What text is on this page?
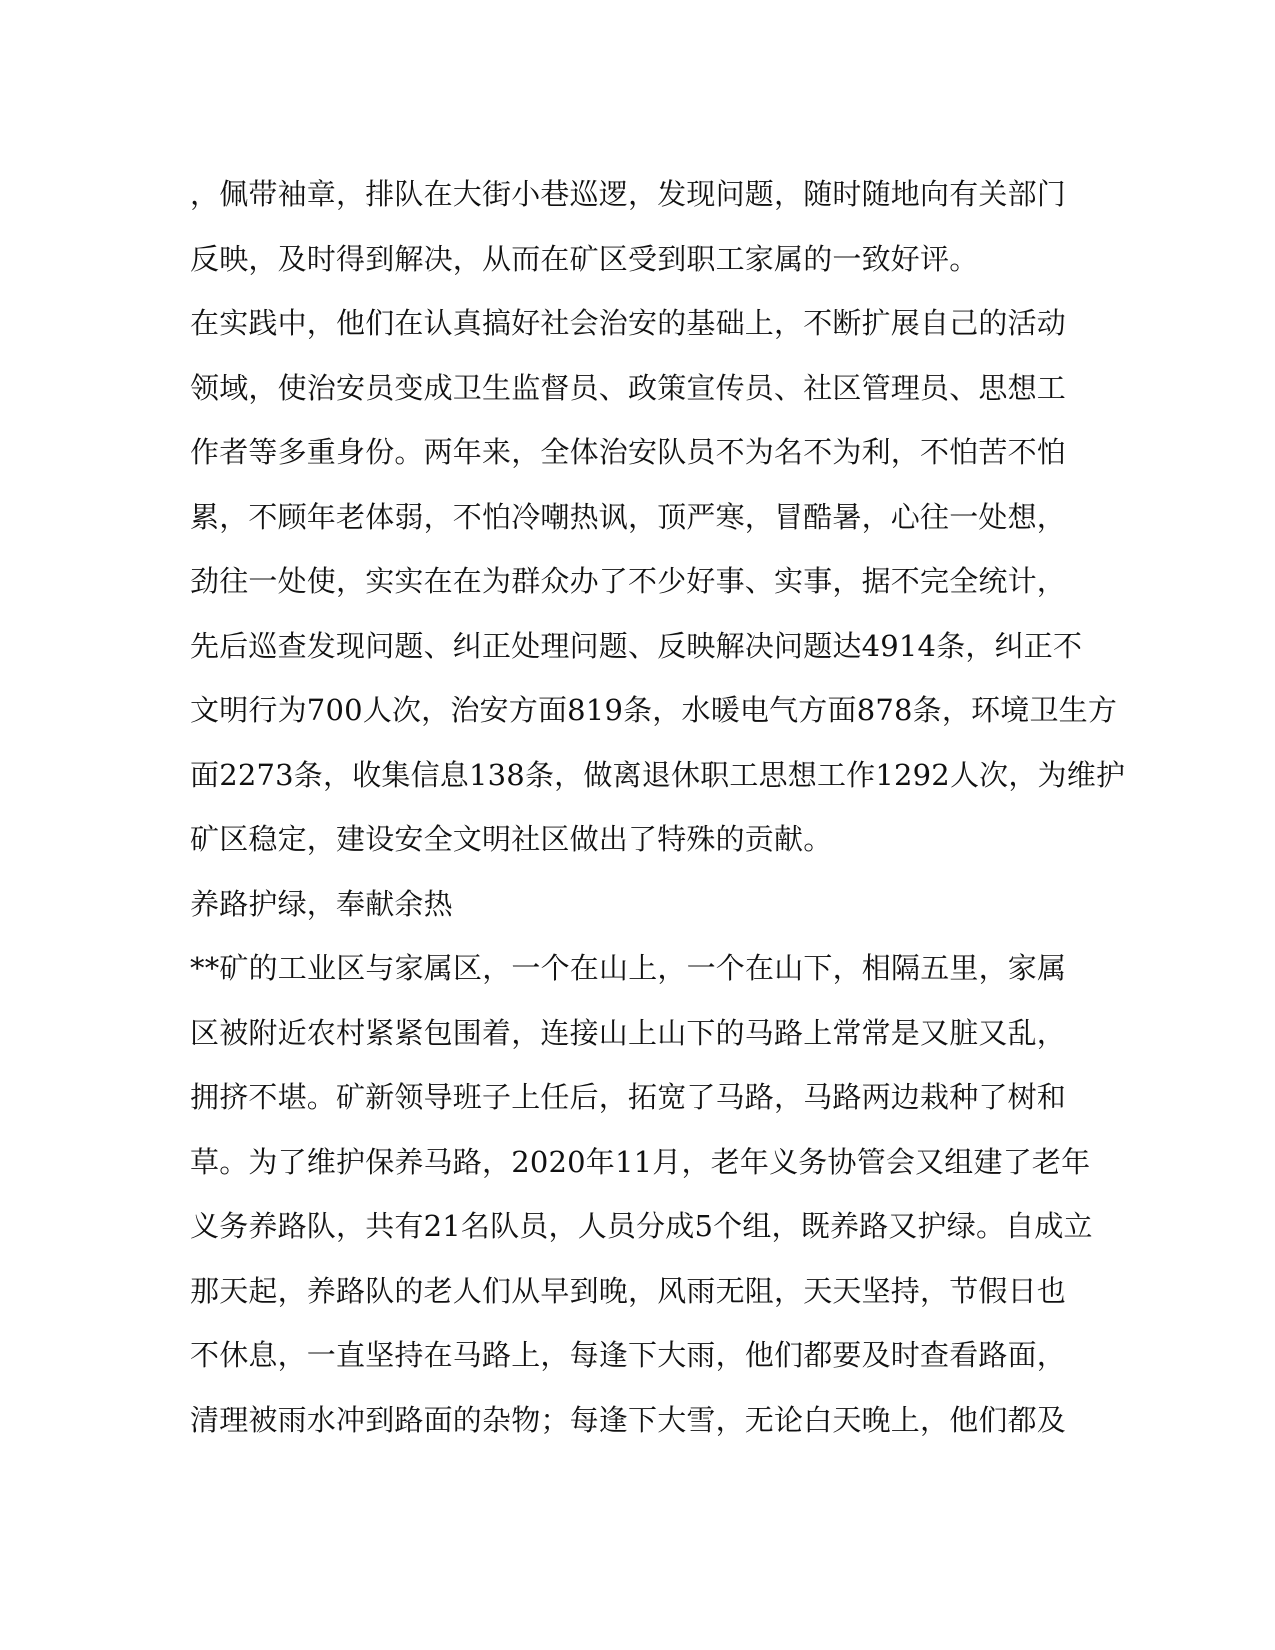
，佩带袖章，排队在大街小巷巡逻，发现问题，随时随地向有关部门
反映，及时得到解决，从而在矿区受到职工家属的一致好评。
在实践中，他们在认真搞好社会治安的基础上，不断扩展自己的活动
领域，使治安员变成卫生监督员、政策宣传员、社区管理员、思想工
作者等多重身份。两年来，全体治安队员不为名不为利，不怕苦不怕
累，不顾年老体弱，不怕冷嘲热讽，顶严寒，冒酷暑，心往一处想，
劲往一处使，实实在在为群众办了不少好事、实事，据不完全统计，
先后巡查发现问题、纠正处理问题、反映解决问题达4914条，纠正不
文明行为700人次，治安方面819条，水暖电气方面878条，环境卫生方
面2273条，收集信息138条，做离退休职工思想工作1292人次，为维护
矿区稳定，建设安全文明社区做出了特殊的贡献。
养路护绿，奉献余热
**矿的工业区与家属区，一个在山上，一个在山下，相隔五里，家属
区被附近农村紧紧包围着，连接山上山下的马路上常常是又脏又乱，
拥挤不堪。矿新领导班子上任后，拓宽了马路，马路两边栽种了树和
草。为了维护保养马路，2020年11月，老年义务协管会又组建了老年
义务养路队，共有21名队员，人员分成5个组，既养路又护绿。自成立
那天起，养路队的老人们从早到晚，风雨无阻，天天坚持，节假日也
不休息，一直坚持在马路上，每逢下大雨，他们都要及时查看路面，
清理被雨水冲到路面的杂物；每逢下大雪，无论白天晚上，他们都及
